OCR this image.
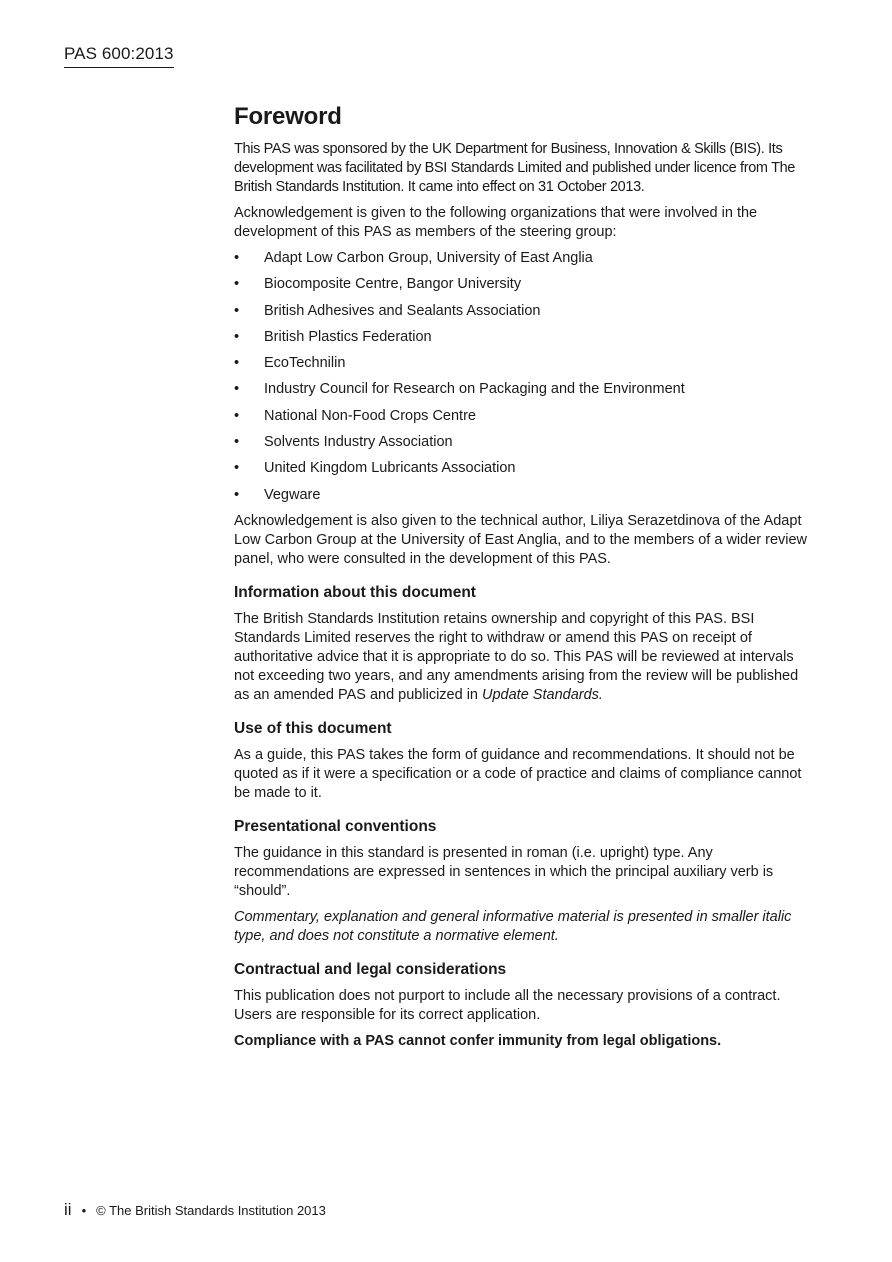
PAS 600:2013
Foreword

This PAS was sponsored by the UK Department for Business, Innovation & Skills (BIS). Its development was facilitated by BSI Standards Limited and published under licence from The British Standards Institution. It came into effect on 31 October 2013.

Acknowledgement is given to the following organizations that were involved in the development of this PAS as members of the steering group:

• Adapt Low Carbon Group, University of East Anglia
• Biocomposite Centre, Bangor University
• British Adhesives and Sealants Association
• British Plastics Federation
• EcoTechnilin
• Industry Council for Research on Packaging and the Environment
• National Non-Food Crops Centre
• Solvents Industry Association
• United Kingdom Lubricants Association
• Vegware

Acknowledgement is also given to the technical author, Liliya Serazetdinova of the Adapt Low Carbon Group at the University of East Anglia, and to the members of a wider review panel, who were consulted in the development of this PAS.

Information about this document

The British Standards Institution retains ownership and copyright of this PAS. BSI Standards Limited reserves the right to withdraw or amend this PAS on receipt of authoritative advice that it is appropriate to do so. This PAS will be reviewed at intervals not exceeding two years, and any amendments arising from the review will be published as an amended PAS and publicized in Update Standards.

Use of this document

As a guide, this PAS takes the form of guidance and recommendations. It should not be quoted as if it were a specification or a code of practice and claims of compliance cannot be made to it.

Presentational conventions

The guidance in this standard is presented in roman (i.e. upright) type. Any recommendations are expressed in sentences in which the principal auxiliary verb is “should”.

Commentary, explanation and general informative material is presented in smaller italic type, and does not constitute a normative element.

Contractual and legal considerations

This publication does not purport to include all the necessary provisions of a contract. Users are responsible for its correct application.

Compliance with a PAS cannot confer immunity from legal obligations.

ii • © The British Standards Institution 2013
